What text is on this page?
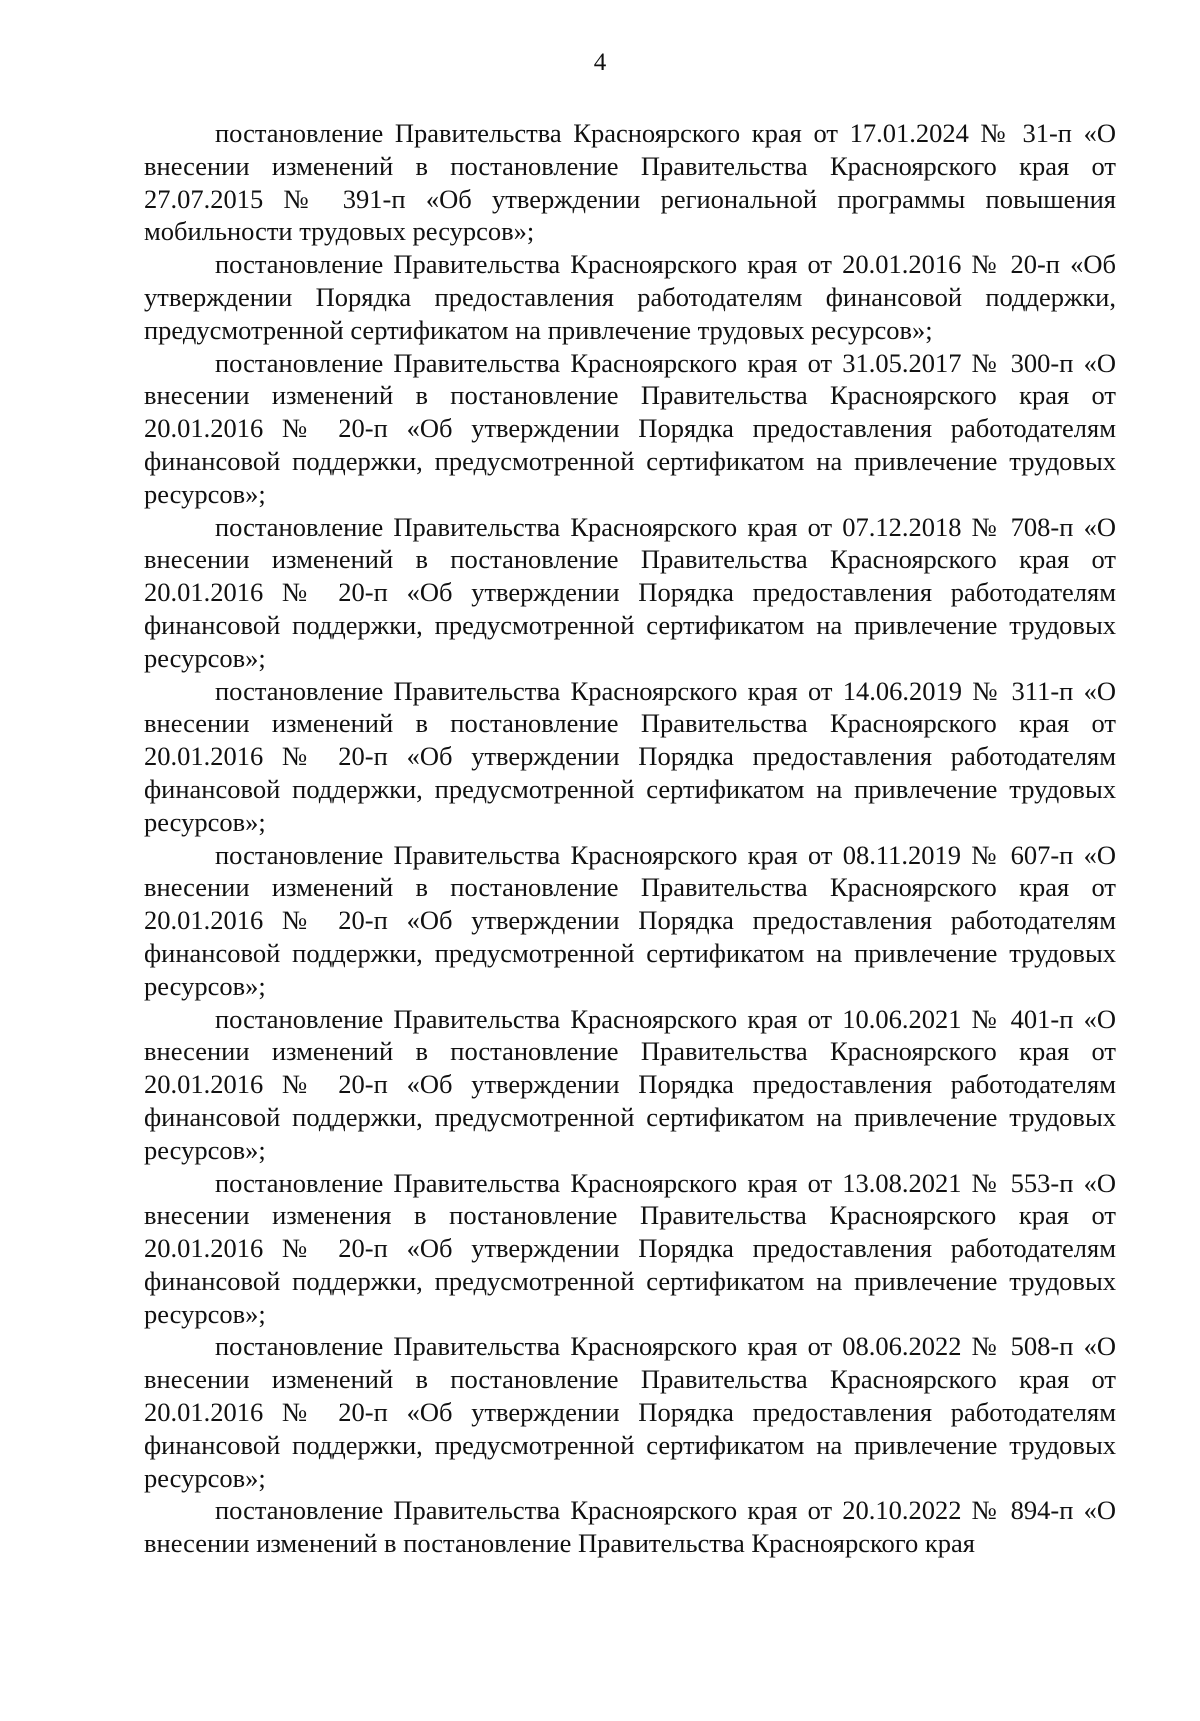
4

постановление Правительства Красноярского края от 17.01.2024 № 31-п «О внесении изменений в постановление Правительства Красноярского края от 27.07.2015 № 391-п «Об утверждении региональной программы повышения мобильности трудовых ресурсов»;

постановление Правительства Красноярского края от 20.01.2016 № 20-п «Об утверждении Порядка предоставления работодателям финансовой поддержки, предусмотренной сертификатом на привлечение трудовых ресурсов»;

постановление Правительства Красноярского края от 31.05.2017 № 300-п «О внесении изменений в постановление Правительства Красноярского края от 20.01.2016 № 20-п «Об утверждении Порядка предоставления работодателям финансовой поддержки, предусмотренной сертификатом на привлечение трудовых ресурсов»;

постановление Правительства Красноярского края от 07.12.2018 № 708-п «О внесении изменений в постановление Правительства Красноярского края от 20.01.2016 № 20-п «Об утверждении Порядка предоставления работодателям финансовой поддержки, предусмотренной сертификатом на привлечение трудовых ресурсов»;

постановление Правительства Красноярского края от 14.06.2019 № 311-п «О внесении изменений в постановление Правительства Красноярского края от 20.01.2016 № 20-п «Об утверждении Порядка предоставления работодателям финансовой поддержки, предусмотренной сертификатом на привлечение трудовых ресурсов»;

постановление Правительства Красноярского края от 08.11.2019 № 607-п «О внесении изменений в постановление Правительства Красноярского края от 20.01.2016 № 20-п «Об утверждении Порядка предоставления работодателям финансовой поддержки, предусмотренной сертификатом на привлечение трудовых ресурсов»;

постановление Правительства Красноярского края от 10.06.2021 № 401-п «О внесении изменений в постановление Правительства Красноярского края от 20.01.2016 № 20-п «Об утверждении Порядка предоставления работодателям финансовой поддержки, предусмотренной сертификатом на привлечение трудовых ресурсов»;

постановление Правительства Красноярского края от 13.08.2021 № 553-п «О внесении изменения в постановление Правительства Красноярского края от 20.01.2016 № 20-п «Об утверждении Порядка предоставления работодателям финансовой поддержки, предусмотренной сертификатом на привлечение трудовых ресурсов»;

постановление Правительства Красноярского края от 08.06.2022 № 508-п «О внесении изменений в постановление Правительства Красноярского края от 20.01.2016 № 20-п «Об утверждении Порядка предоставления работодателям финансовой поддержки, предусмотренной сертификатом на привлечение трудовых ресурсов»;

постановление Правительства Красноярского края от 20.10.2022 № 894-п «О внесении изменений в постановление Правительства Красноярского края
